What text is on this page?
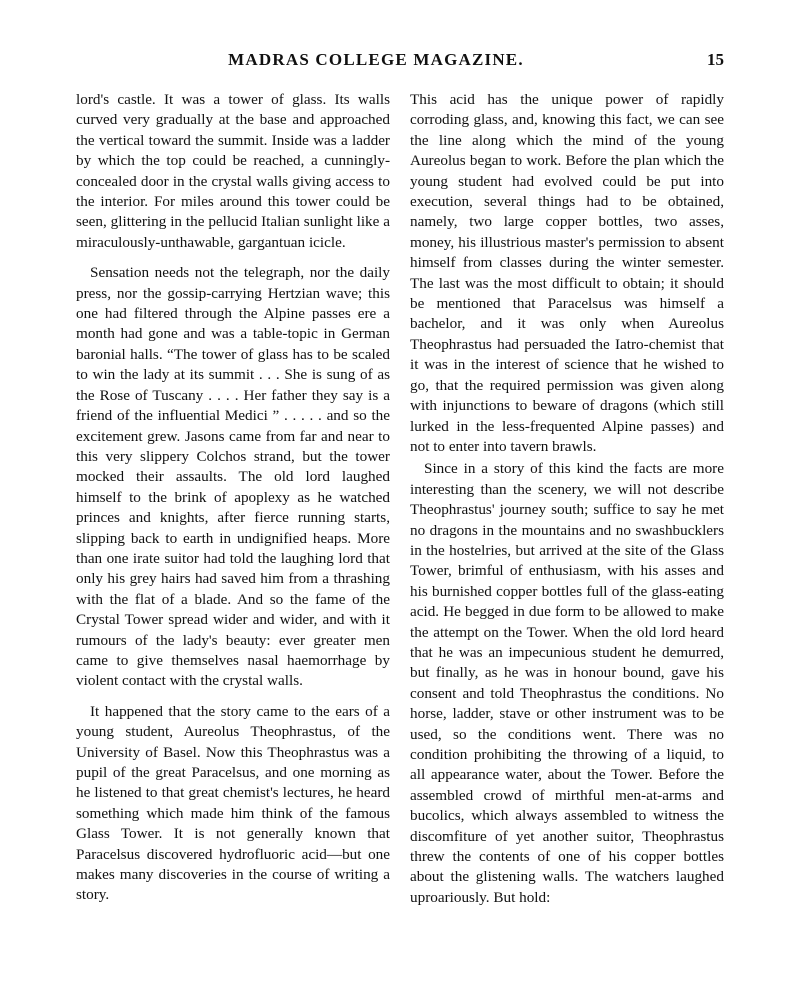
MADRAS COLLEGE MAGAZINE.	15

lord's castle. It was a tower of glass. Its walls curved very gradually at the base and approached the vertical toward the summit. Inside was a ladder by which the top could be reached, a cunningly-concealed door in the crystal walls giving access to the interior. For miles around this tower could be seen, glittering in the pellucid Italian sunlight like a miraculously-unthawable, gargantuan icicle.

Sensation needs not the telegraph, nor the daily press, nor the gossip-carrying Hertzian wave; this one had filtered through the Alpine passes ere a month had gone and was a table-topic in German baronial halls. “The tower of glass has to be scaled to win the lady at its summit . . . She is sung of as the Rose of Tuscany . . . . Her father they say is a friend of the influential Medici ” . . . . . and so the excitement grew. Jasons came from far and near to this very slippery Colchos strand, but the tower mocked their assaults. The old lord laughed himself to the brink of apoplexy as he watched princes and knights, after fierce running starts, slipping back to earth in undignified heaps. More than one irate suitor had told the laughing lord that only his grey hairs had saved him from a thrashing with the flat of a blade. And so the fame of the Crystal Tower spread wider and wider, and with it rumours of the lady's beauty: ever greater men came to give themselves nasal haemorrhage by violent contact with the crystal walls.

It happened that the story came to the ears of a young student, Aureolus Theophrastus, of the University of Basel. Now this Theophrastus was a pupil of the great Paracelsus, and one morning as he listened to that great chemist's lectures, he heard something which made him think of the famous Glass Tower. It is not generally known that Paracelsus discovered hydrofluoric acid—but one makes many discoveries in the course of writing a story.

This acid has the unique power of rapidly corroding glass, and, knowing this fact, we can see the line along which the mind of the young Aureolus began to work. Before the plan which the young student had evolved could be put into execution, several things had to be obtained, namely, two large copper bottles, two asses, money, his illustrious master's permission to absent himself from classes during the winter semester. The last was the most difficult to obtain; it should be mentioned that Paracelsus was himself a bachelor, and it was only when Aureolus Theophrastus had persuaded the Iatro-chemist that it was in the interest of science that he wished to go, that the required permission was given along with injunctions to beware of dragons (which still lurked in the less-frequented Alpine passes) and not to enter into tavern brawls.

Since in a story of this kind the facts are more interesting than the scenery, we will not describe Theophrastus' journey south; suffice to say he met no dragons in the mountains and no swashbucklers in the hostelries, but arrived at the site of the Glass Tower, brimful of enthusiasm, with his asses and his burnished copper bottles full of the glass-eating acid. He begged in due form to be allowed to make the attempt on the Tower. When the old lord heard that he was an impecunious student he demurred, but finally, as he was in honour bound, gave his consent and told Theophrastus the conditions. No horse, ladder, stave or other instrument was to be used, so the conditions went. There was no condition prohibiting the throwing of a liquid, to all appearance water, about the Tower. Before the assembled crowd of mirthful men-at-arms and bucolics, which always assembled to witness the discomfiture of yet another suitor, Theophrastus threw the contents of one of his copper bottles about the glistening walls. The watchers laughed uproariously. But hold:
